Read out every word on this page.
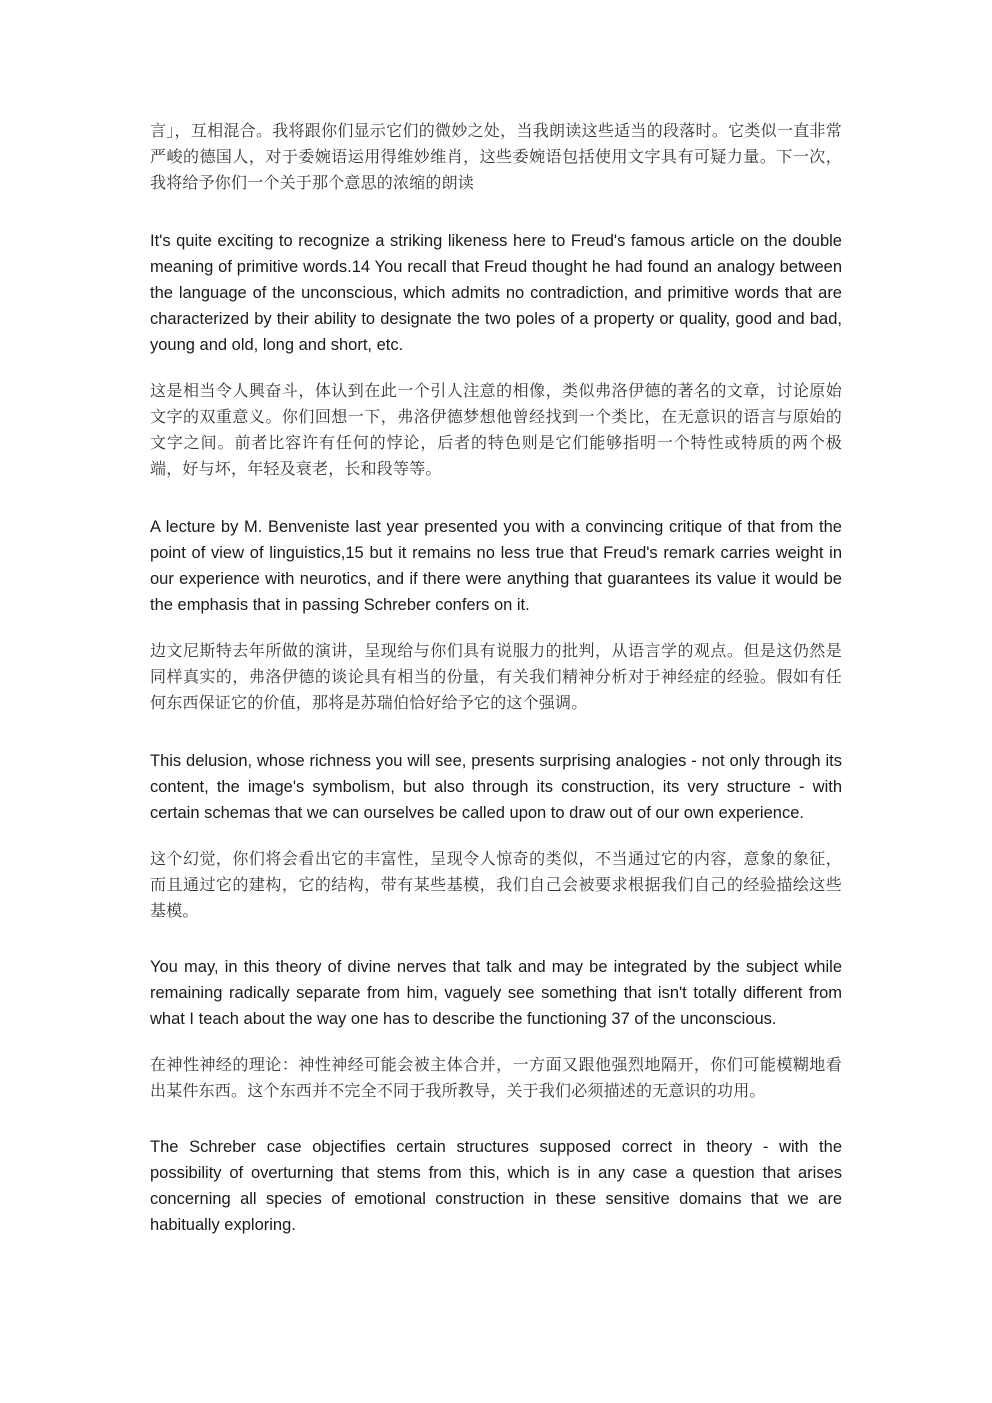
言」，互相混合。我将跟你们显示它们的微妙之处，当我朗读这些适当的段落时。它类似一直非常严峻的德国人，对于委婉语运用得维妙维肖，这些委婉语包括使用文字具有可疑力量。下一次，我将给予你们一个关于那个意思的浓缩的朗读

It's quite exciting to recognize a striking likeness here to Freud's famous article on the double meaning of primitive words.14 You recall that Freud thought he had found an analogy between the language of the unconscious, which admits no contradiction, and primitive words that are characterized by their ability to designate the two poles of a property or quality, good and bad, young and old, long and short, etc.

这是相当令人興奋斗，体认到在此一个引人注意的相像，类似弗洛伊德的著名的文章，讨论原始文字的双重意义。你们回想一下，弗洛伊德梦想他曾经找到一个类比，在无意识的语言与原始的文字之间。前者比容许有任何的悖论，后者的特色则是它们能够指明一个特性或特质的两个极端，好与坏，年轻及衰老，长和段等等。

A lecture by M. Benveniste last year presented you with a convincing critique of that from the point of view of linguistics,15 but it remains no less true that Freud's remark carries weight in our experience with neurotics, and if there were anything that guarantees its value it would be the emphasis that in passing Schreber confers on it.

边文尼斯特去年所做的演讲，呈现给与你们具有说服力的批判，从语言学的观点。但是这仍然是同样真实的，弗洛伊德的谈论具有相当的份量，有关我们精神分析对于神经症的经验。假如有任何东西保证它的价值，那将是苏瑞伯恰好给予它的这个强调。

This delusion, whose richness you will see, presents surprising analogies - not only through its content, the image's symbolism, but also through its construction, its very structure - with certain schemas that we can ourselves be called upon to draw out of our own experience.

这个幻觉，你们将会看出它的丰富性，呈现令人惊奇的类似，不当通过它的内容，意象的象征，而且通过它的建构，它的结构，带有某些基模，我们自己会被要求根据我们自己的经验描绘这些基模。

You may, in this theory of divine nerves that talk and may be integrated by the subject while remaining radically separate from him, vaguely see something that isn't totally different from what I teach about the way one has to describe the functioning 37 of the unconscious.

在神性神经的理论：神性神经可能会被主体合并，一方面又跟他强烈地隔开，你们可能模糊地看出某件东西。这个东西并不完全不同于我所教导，关于我们必须描述的无意识的功用。

The Schreber case objectifies certain structures supposed correct in theory - with the possibility of overturning that stems from this, which is in any case a question that arises concerning all species of emotional construction in these sensitive domains that we are habitually exploring.
